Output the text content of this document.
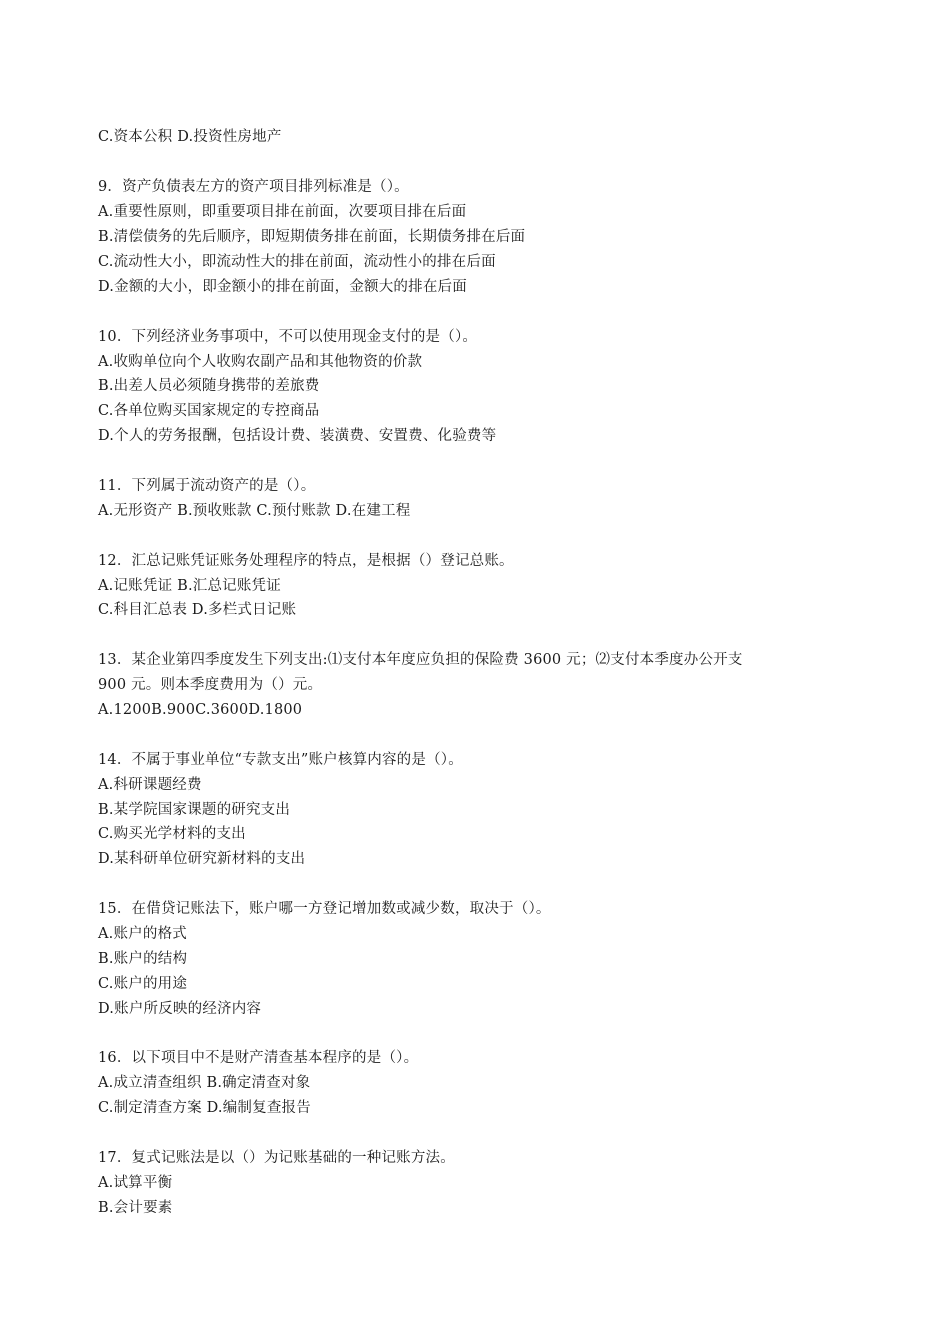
C.资本公积 D.投资性房地产
9．资产负债表左方的资产项目排列标准是（）。
A.重要性原则，即重要项目排在前面，次要项目排在后面
B.清偿债务的先后顺序，即短期债务排在前面，长期债务排在后面
C.流动性大小，即流动性大的排在前面，流动性小的排在后面
D.金额的大小，即金额小的排在前面，金额大的排在后面
10．下列经济业务事项中，不可以使用现金支付的是（）。
A.收购单位向个人收购农副产品和其他物资的价款
B.出差人员必须随身携带的差旅费
C.各单位购买国家规定的专控商品
D.个人的劳务报酬，包括设计费、装潢费、安置费、化验费等
11．下列属于流动资产的是（）。
A.无形资产 B.预收账款 C.预付账款 D.在建工程
12．汇总记账凭证账务处理程序的特点，是根据（）登记总账。
A.记账凭证 B.汇总记账凭证
C.科目汇总表 D.多栏式日记账
13．某企业第四季度发生下列支出:⑴支付本年度应负担的保险费 3600 元；⑵支付本季度办公开支
900 元。则本季度费用为（）元。
A.1200B.900C.3600D.1800
14．不属于事业单位“专款支出”账户核算内容的是（）。
A.科研课题经费
B.某学院国家课题的研究支出
C.购买光学材料的支出
D.某科研单位研究新材料的支出
15．在借贷记账法下，账户哪一方登记增加数或减少数，取决于（）。
A.账户的格式
B.账户的结构
C.账户的用途
D.账户所反映的经济内容
16．以下项目中不是财产清查基本程序的是（）。
A.成立清查组织 B.确定清查对象
C.制定清查方案 D.编制复查报告
17．复式记账法是以（）为记账基础的一种记账方法。
A.试算平衡
B.会计要素
